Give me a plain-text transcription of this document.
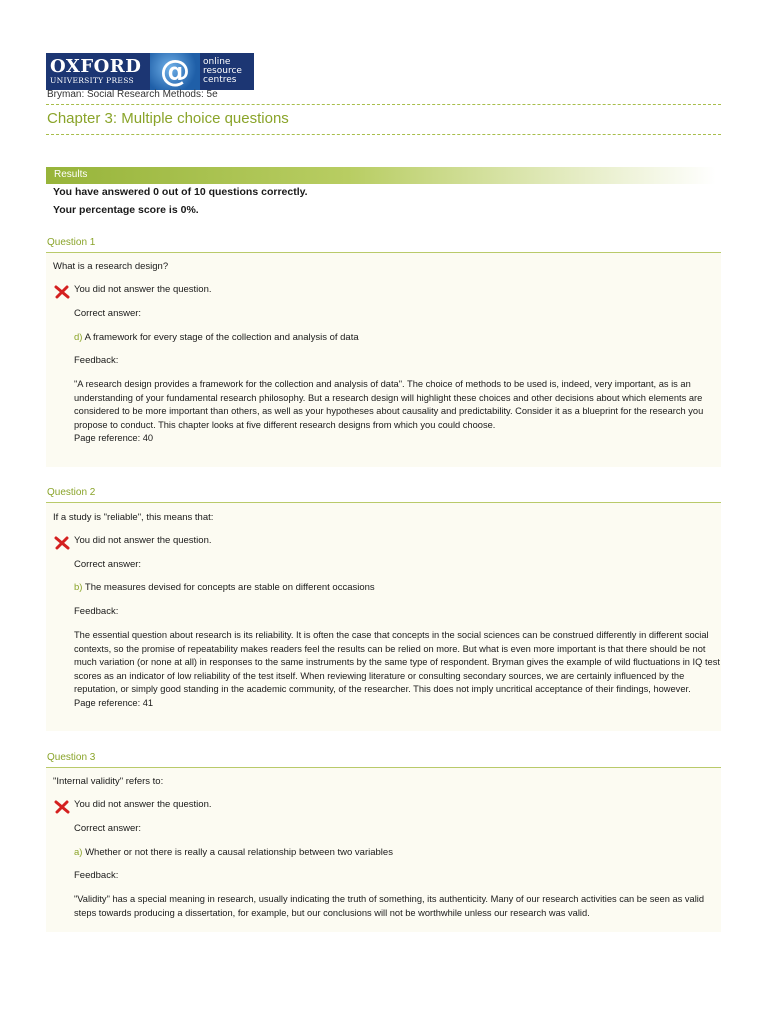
OXFORD
UNIVERSITY PRESS @ online
resource
centres
Bryman: Social Research Methods: 5e
Chapter 3: Multiple choice questions
Results
You have answered 0 out of 10 questions correctly.
Your percentage score is 0%.
Question 1
What is a research design?
You did not answer the question.
Correct answer:
d) A framework for every stage of the collection and analysis of data
Feedback:
"A research design provides a framework for the collection and analysis of data". The choice of methods to be used is, indeed, very important, as is an understanding of your fundamental research philosophy. But a research design will highlight these choices and other decisions about which elements are considered to be more important than others, as well as your hypotheses about causality and predictability. Consider it as a blueprint for the research you propose to conduct. This chapter looks at five different research designs from which you could choose.
Page reference: 40
Question 2
If a study is "reliable", this means that:
You did not answer the question.
Correct answer:
b) The measures devised for concepts are stable on different occasions
Feedback:
The essential question about research is its reliability. It is often the case that concepts in the social sciences can be construed differently in different social contexts, so the promise of repeatability makes readers feel the results can be relied on more. But what is even more important is that there should be not much variation (or none at all) in responses to the same instruments by the same type of respondent. Bryman gives the example of wild fluctuations in IQ test scores as an indicator of low reliability of the test itself. When reviewing literature or consulting secondary sources, we are certainly influenced by the reputation, or simply good standing in the academic community, of the researcher. This does not imply uncritical acceptance of their findings, however.
Page reference: 41
Question 3
"Internal validity" refers to:
You did not answer the question.
Correct answer:
a) Whether or not there is really a causal relationship between two variables
Feedback:
"Validity" has a special meaning in research, usually indicating the truth of something, its authenticity. Many of our research activities can be seen as valid steps towards producing a dissertation, for example, but our conclusions will not be worthwhile unless our research was valid.
